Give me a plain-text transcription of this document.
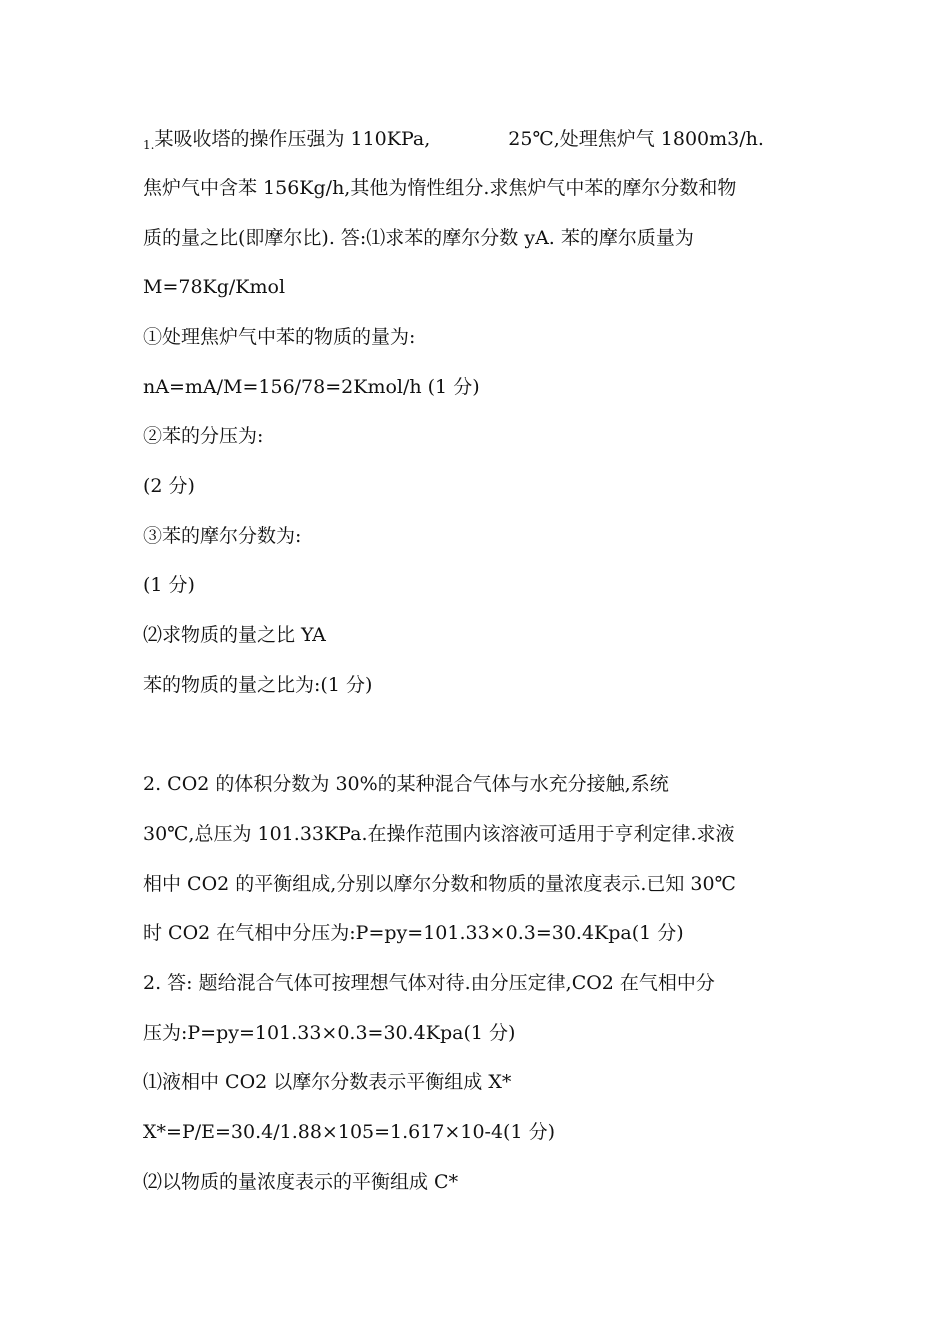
$_{1.}$某吸收塔的操作压强为 110KPa,	25℃,处理焦炉气 1800m3/h.
焦炉气中含苯 156Kg/h,其他为惰性组分.求焦炉气中苯的摩尔分数和物
质的量之比(即摩尔比). 答:⑴求苯的摩尔分数 yA. 苯的摩尔质量为
M=78Kg/Kmol
①处理焦炉气中苯的物质的量为:
nA=mA/M=156/78=2Kmol/h (1 分)
②苯的分压为:
(2 分)
③苯的摩尔分数为:
(1 分)
⑵求物质的量之比 YA
苯的物质的量之比为:(1 分)
2. CO2 的体积分数为 30%的某种混合气体与水充分接触,系统
30℃,总压为 101.33KPa.在操作范围内该溶液可适用于亨利定律.求液
相中 CO2 的平衡组成,分别以摩尔分数和物质的量浓度表示.已知 30℃
时 CO2 在气相中分压为:P=py=101.33×0.3=30.4Kpa(1 分)
2. 答: 题给混合气体可按理想气体对待.由分压定律,CO2 在气相中分
压为:P=py=101.33×0.3=30.4Kpa(1 分)
⑴液相中 CO2 以摩尔分数表示平衡组成 X*
X*=P/E=30.4/1.88×105=1.617×10-4(1 分)
⑵以物质的量浓度表示的平衡组成 C*
